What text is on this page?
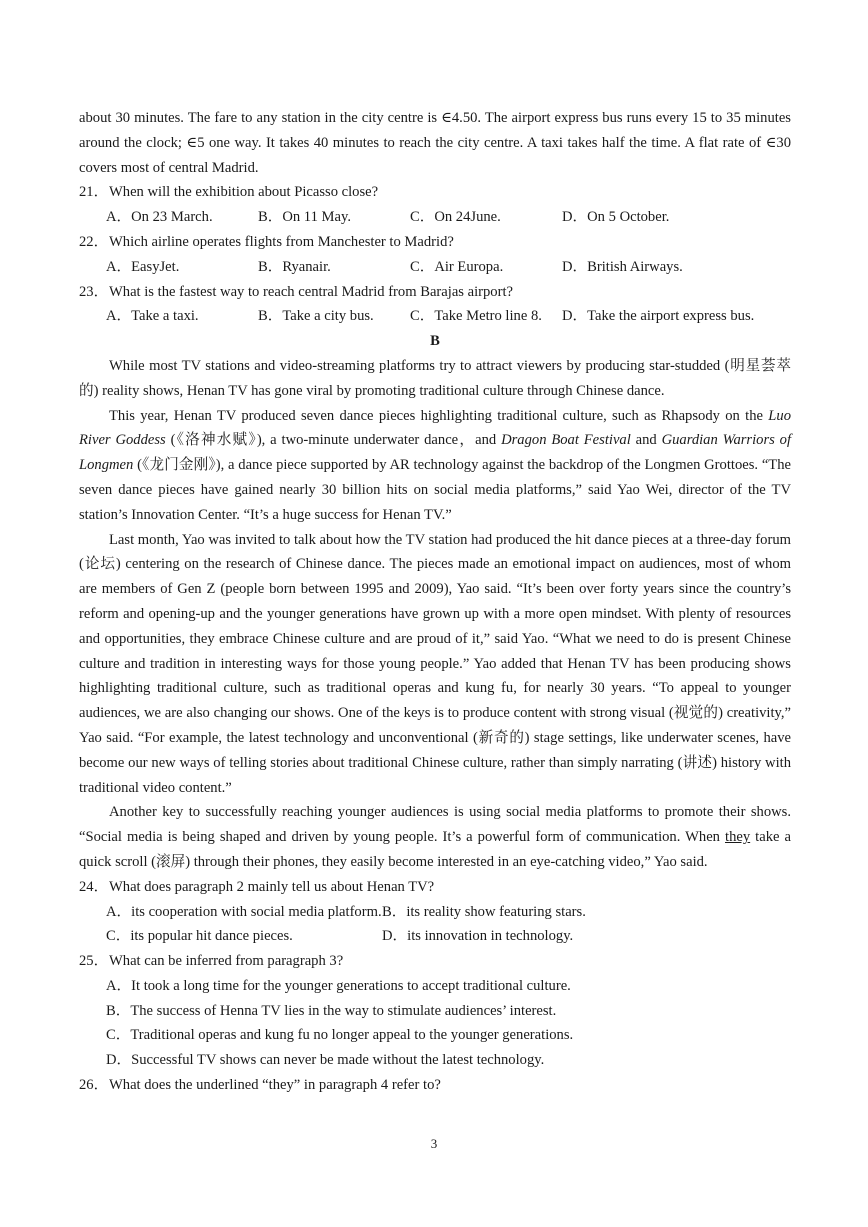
about 30 minutes. The fare to any station in the city centre is ∈4.50. The airport express bus runs every 15 to 35 minutes around the clock; ∈5 one way. It takes 40 minutes to reach the city centre. A taxi takes half the time. A flat rate of ∈30 covers most of central Madrid.

21．When will the exhibition about Picasso close?

A．On 23 March.	B．On 11 May.	C．On 24June.	D．On 5 October.

22．Which airline operates flights from Manchester to Madrid?

A．EasyJet.	B．Ryanair.	C．Air Europa.	D．British Airways.

23．What is the fastest way to reach central Madrid from Barajas airport?

A．Take a taxi.	B．Take a city bus. C．Take Metro line 8. D．Take the airport express bus.

B

While most TV stations and video-streaming platforms try to attract viewers by producing star-studded (明星荟萃的) reality shows, Henan TV has gone viral by promoting traditional culture through Chinese dance.

This year, Henan TV produced seven dance pieces highlighting traditional culture, such as Rhapsody on the Luo River Goddess (《洛神水赋》), a two-minute underwater dance，and Dragon Boat Festival and Guardian Warriors of Longmen (《龙门金刚》), a dance piece supported by AR technology against the backdrop of the Longmen Grottoes. “The seven dance pieces have gained nearly 30 billion hits on social media platforms,” said Yao Wei, director of the TV station’s Innovation Center. “It’s a huge success for Henan TV.”

Last month, Yao was invited to talk about how the TV station had produced the hit dance pieces at a three-day forum (论坛) centering on the research of Chinese dance. The pieces made an emotional impact on audiences, most of whom are members of Gen Z (people born between 1995 and 2009), Yao said. “It’s been over forty years since the country’s reform and opening-up and the younger generations have grown up with a more open mindset. With plenty of resources and opportunities, they embrace Chinese culture and are proud of it,” said Yao. “What we need to do is present Chinese culture and tradition in interesting ways for those young people.” Yao added that Henan TV has been producing shows highlighting traditional culture, such as traditional operas and kung fu, for nearly 30 years. “To appeal to younger audiences, we are also changing our shows. One of the keys is to produce content with strong visual (视觉的) creativity,” Yao said. “For example, the latest technology and unconventional (新奇的) stage settings, like underwater scenes, have become our new ways of telling stories about traditional Chinese culture, rather than simply narrating (讲述) history with traditional video content.”

Another key to successfully reaching younger audiences is using social media platforms to promote their shows. “Social media is being shaped and driven by young people. It’s a powerful form of communication. When they take a quick scroll (滚屏) through their phones, they easily become interested in an eye-catching video,” Yao said.

24．What does paragraph 2 mainly tell us about Henan TV?

A．its cooperation with social media platform.B．its reality show featuring stars.

C．its popular hit dance pieces.	D．its innovation in technology.

25．What can be inferred from paragraph 3?

A．It took a long time for the younger generations to accept traditional culture.
B．The success of Henna TV lies in the way to stimulate audiences’ interest.
C．Traditional operas and kung fu no longer appeal to the younger generations.
D．Successful TV shows can never be made without the latest technology.

26．What does the underlined “they” in paragraph 4 refer to?

3
